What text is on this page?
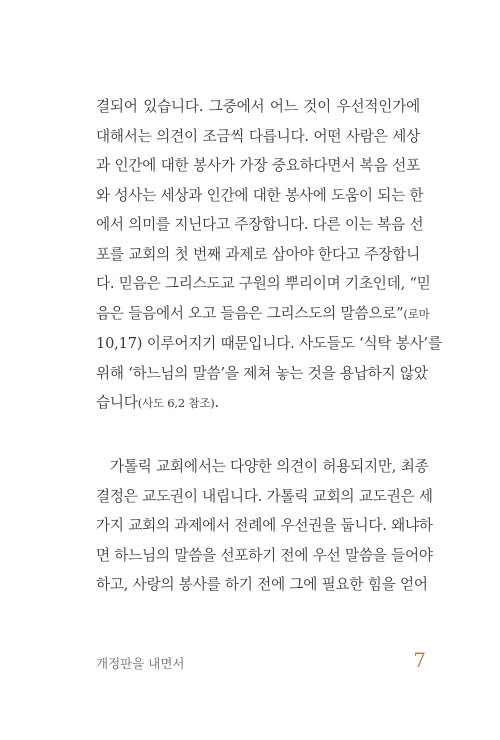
결되어 있습니다. 그중에서 어느 것이 우선적인가에
대해서는 의견이 조금씩 다릅니다. 어떤 사람은 세상
과 인간에 대한 봉사가 가장 중요하다면서 복음 선포
와 성사는 세상과 인간에 대한 봉사에 도움이 되는 한
에서 의미를 지닌다고 주장합니다. 다른 이는 복음 선
포를 교회의 첫 번째 과제로 삼아야 한다고 주장합니
다. 믿음은 그리스도교 구원의 뿌리이며 기초인데, “믿
음은 들음에서 오고 들음은 그리스도의 말씀으로”(로마
10,17) 이루어지기 때문입니다. 사도들도 ‘식탁 봉사’를
위해 ‘하느님의 말씀’을 제쳐 놓는 것을 용납하지 않았
습니다(사도 6,2 참조).
가톨릭 교회에서는 다양한 의견이 허용되지만, 최종
결정은 교도권이 내립니다. 가톨릭 교회의 교도권은 세
가지 교회의 과제에서 전례에 우선권을 둡니다. 왜냐하
면 하느님의 말씀을 선포하기 전에 우선 말씀을 들어야
하고, 사랑의 봉사를 하기 전에 그에 필요한 힘을 얻어
개정판을 내면서	7
